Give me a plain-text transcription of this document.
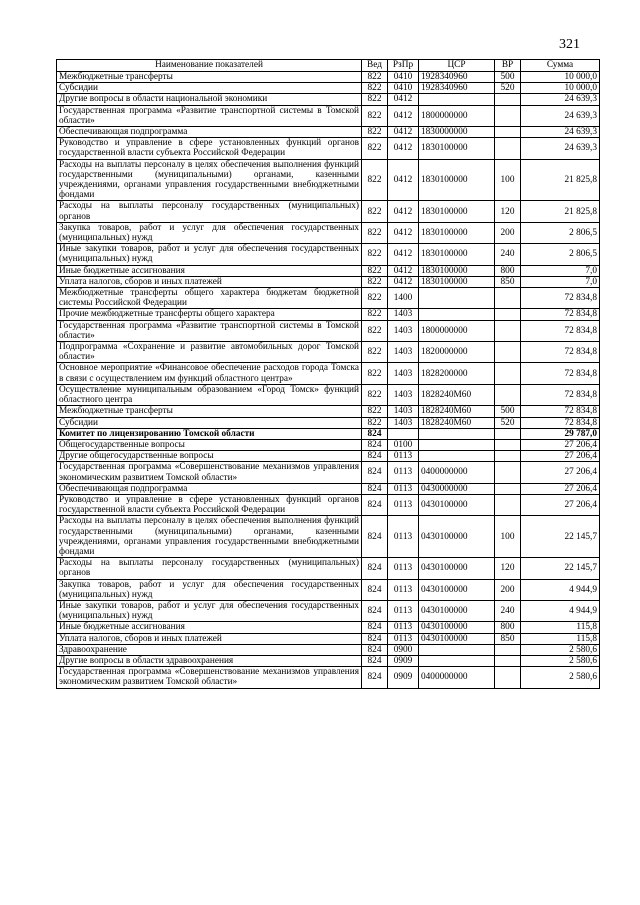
321
Наименование показателей	Вед	РзПр	ЦСР	ВР	Сумма
Межбюджетные трансферты	822	0410	1928340960	500	10 000,0
Субсидии	822	0410	1928340960	520	10 000,0
Другие вопросы в области национальной экономики	822	0412			24 639,3
Государственная программа «Развитие транспортной системы в Томской области»	822	0412	1800000000		24 639,3
Обеспечивающая подпрограмма	822	0412	1830000000		24 639,3
Руководство и управление в сфере установленных функций органов государственной власти субъекта Российской Федерации	822	0412	1830100000		24 639,3
Расходы на выплаты персоналу в целях обеспечения выполнения функций государственными (муниципальными) органами, казенными учреждениями, органами управления государственными внебюджетными фондами	822	0412	1830100000	100	21 825,8
Расходы на выплаты персоналу государственных (муниципальных) органов	822	0412	1830100000	120	21 825,8
Закупка товаров, работ и услуг для обеспечения государственных (муниципальных) нужд	822	0412	1830100000	200	2 806,5
Иные закупки товаров, работ и услуг для обеспечения государственных (муниципальных) нужд	822	0412	1830100000	240	2 806,5
Иные бюджетные ассигнования	822	0412	1830100000	800	7,0
Уплата налогов, сборов и иных платежей	822	0412	1830100000	850	7,0
Межбюджетные трансферты общего характера бюджетам бюджетной системы Российской Федерации	822	1400			72 834,8
Прочие межбюджетные трансферты общего характера	822	1403			72 834,8
Государственная программа «Развитие транспортной системы в Томской области»	822	1403	1800000000		72 834,8
Подпрограмма «Сохранение и развитие автомобильных дорог Томской области»	822	1403	1820000000		72 834,8
Основное мероприятие «Финансовое обеспечение расходов города Томска в связи с осуществлением им функций областного центра»	822	1403	1828200000		72 834,8
Осуществление муниципальным образованием «Город Томск» функций областного центра	822	1403	1828240М60		72 834,8
Межбюджетные трансферты	822	1403	1828240М60	500	72 834,8
Субсидии	822	1403	1828240М60	520	72 834,8
Комитет по лицензированию Томской области	824				29 787,0
Общегосударственные вопросы	824	0100			27 206,4
Другие общегосударственные вопросы	824	0113			27 206,4
Государственная программа «Совершенствование механизмов управления экономическим развитием Томской области»	824	0113	0400000000		27 206,4
Обеспечивающая подпрограмма	824	0113	0430000000		27 206,4
Руководство и управление в сфере установленных функций органов государственной власти субъекта Российской Федерации	824	0113	0430100000		27 206,4
Расходы на выплаты персоналу в целях обеспечения выполнения функций государственными (муниципальными) органами, казенными учреждениями, органами управления государственными внебюджетными фондами	824	0113	0430100000	100	22 145,7
Расходы на выплаты персоналу государственных (муниципальных) органов	824	0113	0430100000	120	22 145,7
Закупка товаров, работ и услуг для обеспечения государственных (муниципальных) нужд	824	0113	0430100000	200	4 944,9
Иные закупки товаров, работ и услуг для обеспечения государственных (муниципальных) нужд	824	0113	0430100000	240	4 944,9
Иные бюджетные ассигнования	824	0113	0430100000	800	115,8
Уплата налогов, сборов и иных платежей	824	0113	0430100000	850	115,8
Здравоохранение	824	0900			2 580,6
Другие вопросы в области здравоохранения	824	0909			2 580,6
Государственная программа «Совершенствование механизмов управления экономическим развитием Томской области»	824	0909	0400000000		2 580,6
